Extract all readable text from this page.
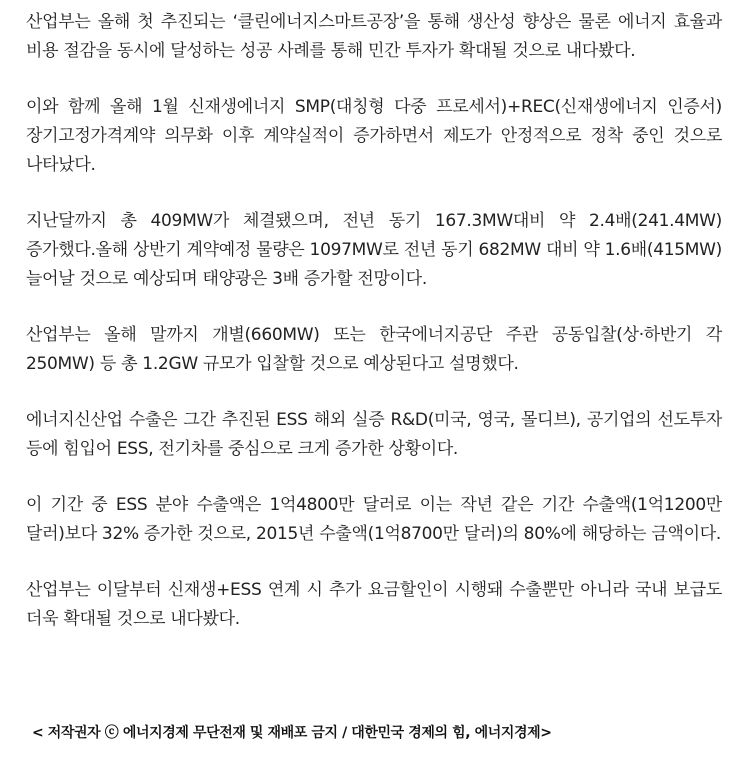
산업부는 올해 첫 추진되는 ‘클린에너지스마트공장’을 통해 생산성 향상은 물론 에너지 효율과 비용 절감을 동시에 달성하는 성공 사례를 통해 민간 투자가 확대될 것으로 내다봤다.

이와 함께 올해 1월 신재생에너지 SMP(대칭형 다중 프로세서)+REC(신재생에너지 인증서) 장기고정가격계약 의무화 이후 계약실적이 증가하면서 제도가 안정적으로 정착 중인 것으로 나타났다.

지난달까지 총 409MW가 체결됐으며, 전년 동기 167.3MW대비 약 2.4배(241.4MW) 증가했다.올해 상반기 계약예정 물량은 1097MW로 전년 동기 682MW 대비 약 1.6배(415MW) 늘어날 것으로 예상되며 태양광은 3배 증가할 전망이다.

산업부는 올해 말까지 개별(660MW) 또는 한국에너지공단 주관 공동입찰(상·하반기 각 250MW) 등 총 1.2GW 규모가 입찰할 것으로 예상된다고 설명했다.

에너지신산업 수출은 그간 추진된 ESS 해외 실증 R&D(미국, 영국, 몰디브), 공기업의 선도투자 등에 힘입어 ESS, 전기차를 중심으로 크게 증가한 상황이다.

이 기간 중 ESS 분야 수출액은 1억4800만 달러로 이는 작년 같은 기간 수출액(1억1200만 달러)보다 32% 증가한 것으로, 2015년 수출액(1억8700만 달러)의 80%에 해당하는 금액이다.

산업부는 이달부터 신재생+ESS 연계 시 추가 요금할인이 시행돼 수출뿐만 아니라 국내 보급도 더욱 확대될 것으로 내다봤다.

< 저작권자 ⓒ 에너지경제 무단전재 및 재배포 금지 / 대한민국 경제의 힘, 에너지경제>
